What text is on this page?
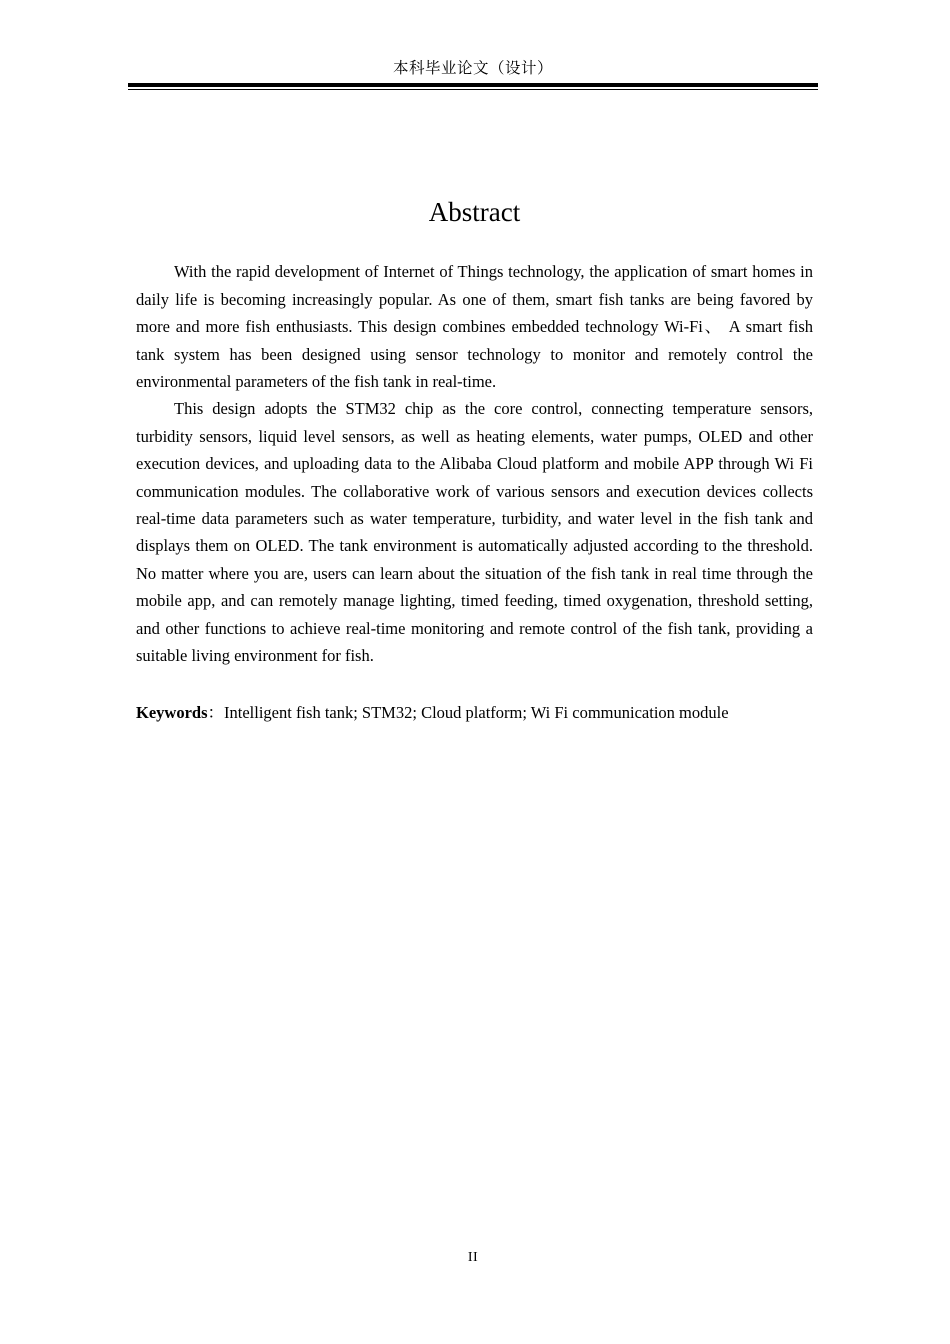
本科毕业论文（设计）
Abstract

With the rapid development of Internet of Things technology, the application of smart homes in daily life is becoming increasingly popular. As one of them, smart fish tanks are being favored by more and more fish enthusiasts. This design combines embedded technology Wi-Fi、 A smart fish tank system has been designed using sensor technology to monitor and remotely control the environmental parameters of the fish tank in real-time.

This design adopts the STM32 chip as the core control, connecting temperature sensors, turbidity sensors, liquid level sensors, as well as heating elements, water pumps, OLED and other execution devices, and uploading data to the Alibaba Cloud platform and mobile APP through Wi Fi communication modules. The collaborative work of various sensors and execution devices collects real-time data parameters such as water temperature, turbidity, and water level in the fish tank and displays them on OLED. The tank environment is automatically adjusted according to the threshold. No matter where you are, users can learn about the situation of the fish tank in real time through the mobile app, and can remotely manage lighting, timed feeding, timed oxygenation, threshold setting, and other functions to achieve real-time monitoring and remote control of the fish tank, providing a suitable living environment for fish.

Keywords：Intelligent fish tank; STM32; Cloud platform; Wi Fi communication module

II
